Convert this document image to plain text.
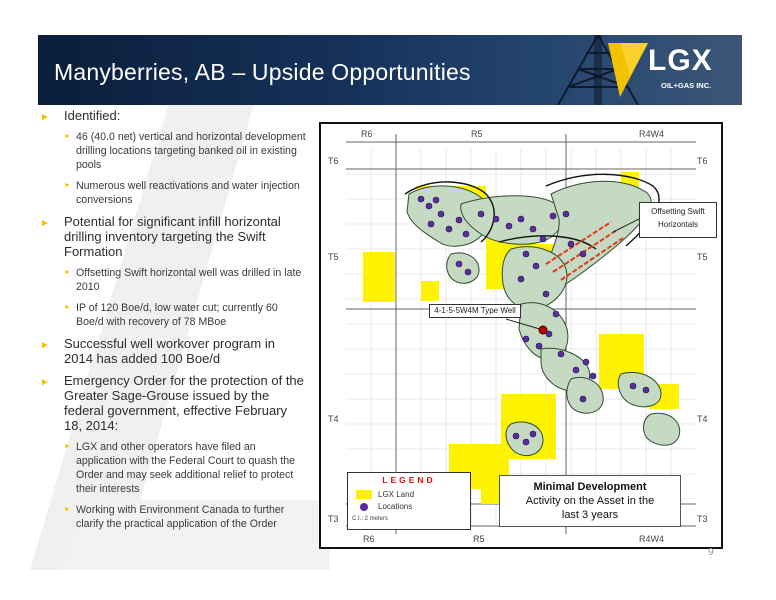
Manyberries, AB – Upside Opportunities	LGX
OIL+GAS INC.
► Identified:
► 46 (40.0 net) vertical and horizontal development drilling locations targeting banked oil in existing pools
► Numerous well reactivations and water injection conversions
► Potential for significant infill horizontal drilling inventory targeting the Swift Formation
► Offsetting Swift horizontal well was drilled in late 2010
► IP of 120 Boe/d, low water cut; currently 60 Boe/d with recovery of 78 MBoe
► Successful well workover program in 2014 has added 100 Boe/d
► Emergency Order for the protection of the Greater Sage-Grouse issued by the federal government, effective February 18, 2014:
► LGX and other operators have filed an application with the Federal Court to quash the Order and may seek additional relief to protect their interests
► Working with Environment Canada to further clarify the practical application of the Order
R6	R5	R4W4
R6	R5	R4W4
T6
T5
T4
T3
T6
T5
T4
T3
Offsetting Swift Horizontals
4-1-5-5W4M Type Well
LEGEND
LGX Land
Locations
C.I.: 2 meters
Minimal Development
Activity on the Asset in the
last 3 years
9
